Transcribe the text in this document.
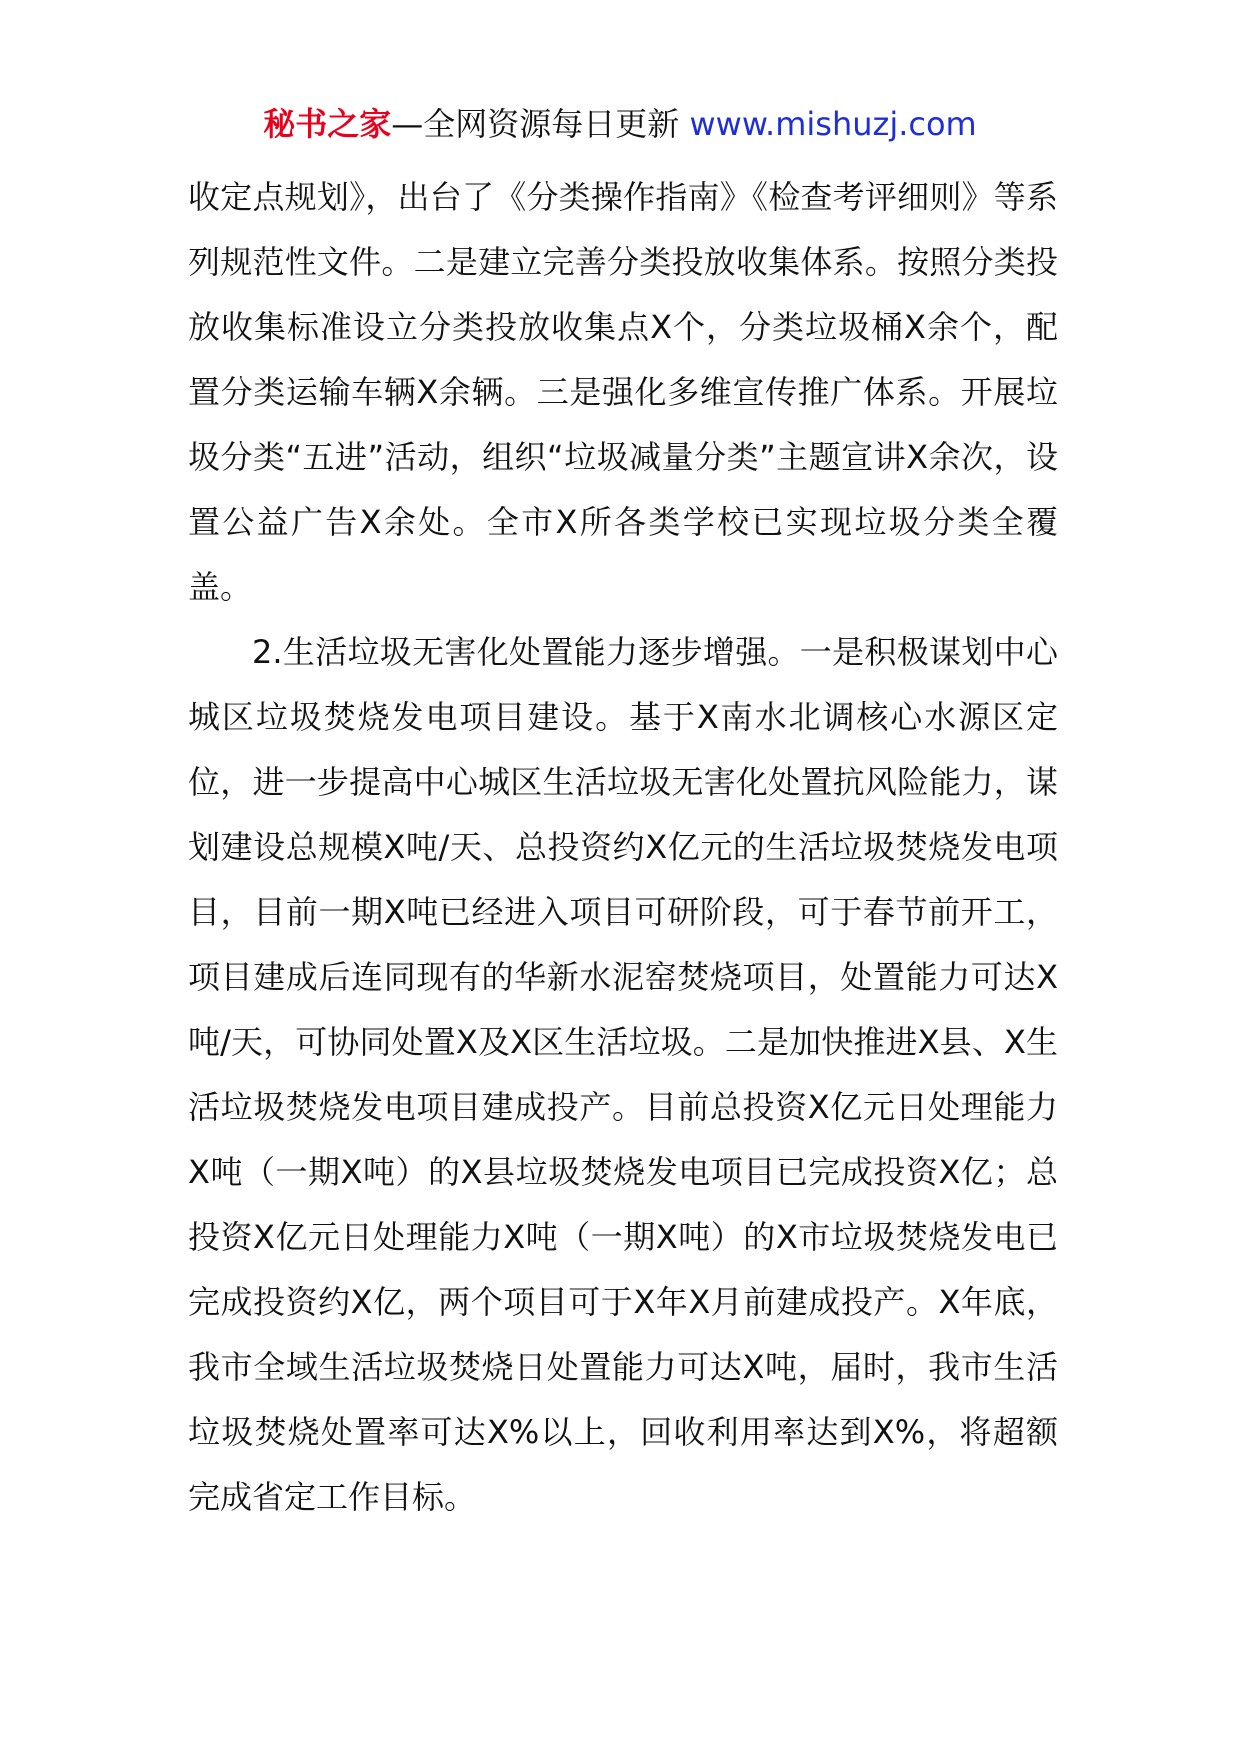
秘书之家—全网资源每日更新 www.mishuzj.com

收定点规划》，出台了《分类操作指南》《检查考评细则》等系列规范性文件。二是建立完善分类投放收集体系。按照分类投放收集标准设立分类投放收集点X个，分类垃圾桶X余个，配置分类运输车辆X余辆。三是强化多维宣传推广体系。开展垃圾分类“五进”活动，组织“垃圾减量分类”主题宣讲X余次，设置公益广告X余处。全市X所各类学校已实现垃圾分类全覆盖。

2.生活垃圾无害化处置能力逐步增强。一是积极谋划中心城区垃圾焚烧发电项目建设。基于X南水北调核心水源区定位，进一步提高中心城区生活垃圾无害化处置抗风险能力，谋划建设总规模X吨/天、总投资约X亿元的生活垃圾焚烧发电项目，目前一期X吨已经进入项目可研阶段，可于春节前开工，项目建成后连同现有的华新水泥窑焚烧项目，处置能力可达X吨/天，可协同处置X及X区生活垃圾。二是加快推进X县、X生活垃圾焚烧发电项目建成投产。目前总投资X亿元日处理能力X吨（一期X吨）的X县垃圾焚烧发电项目已完成投资X亿；总投资X亿元日处理能力X吨（一期X吨）的X市垃圾焚烧发电已完成投资约X亿，两个项目可于X年X月前建成投产。X年底，我市全域生活垃圾焚烧日处置能力可达X吨，届时，我市生活垃圾焚烧处置率可达X%以上，回收利用率达到X%，将超额完成省定工作目标。
